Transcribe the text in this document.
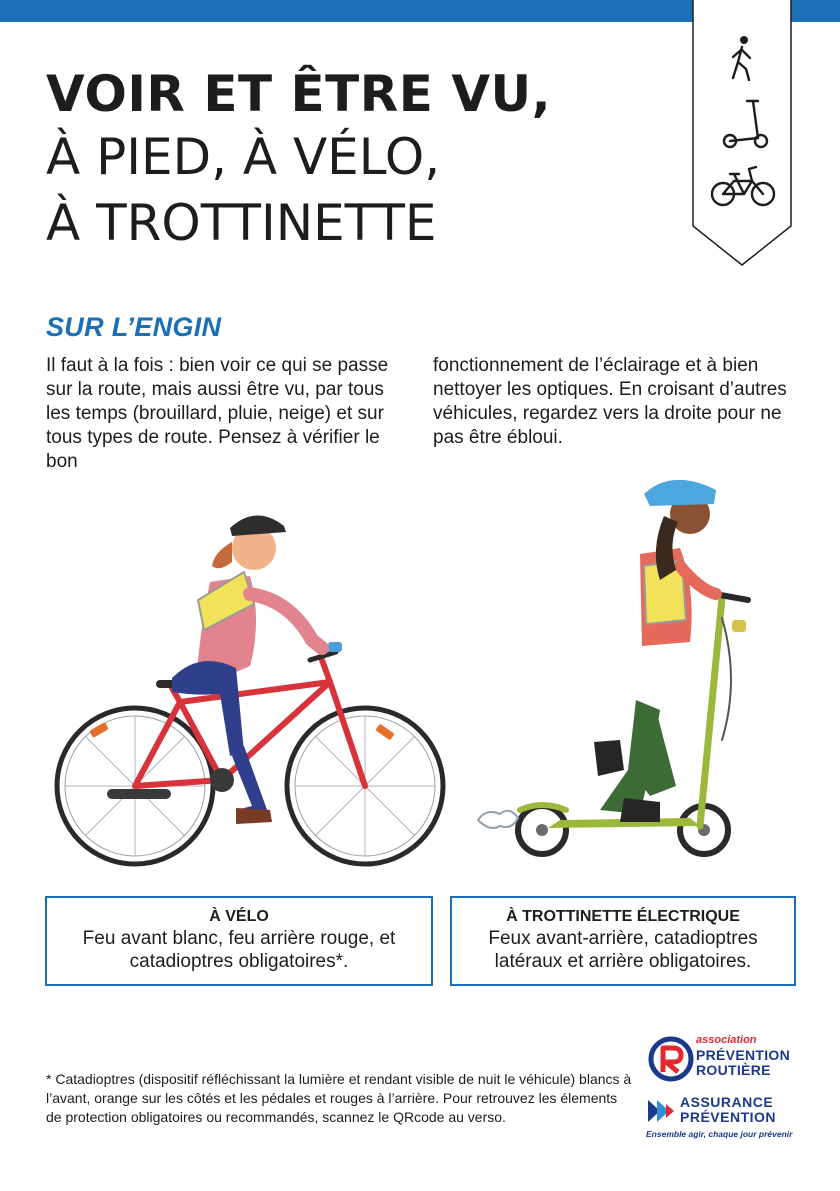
VOIR ET ÊTRE VU,
À PIED, À VÉLO,
À TROTTINETTE
SUR L’ENGIN
Il faut à la fois : bien voir ce qui se passe sur la route, mais aussi être vu, par tous les temps (brouillard, pluie, neige) et sur tous types de route. Pensez à vérifier le bon
fonctionnement de l’éclairage et à bien nettoyer les optiques. En croisant d’autres véhicules, regardez vers la droite pour ne pas être ébloui.
À VÉLO
Feu avant blanc, feu arrière rouge, et catadioptres obligatoires*.
À TROTTINETTE ÉLECTRIQUE
Feux avant-arrière, catadioptres latéraux et arrière obligatoires.
* Catadioptres (dispositif réfléchissant la lumière et rendant visible de nuit le véhicule) blancs à l’avant, orange sur les côtés et les pédales et rouges à l’arrière. Pour retrouvez les élements de protection obligatoires ou recommandés, scannez le QRcode au verso.
association
PRÉVENTION
ROUTIÈRE
ASSURANCE
PRÉVENTION
Ensemble agir, chaque jour prévenir
